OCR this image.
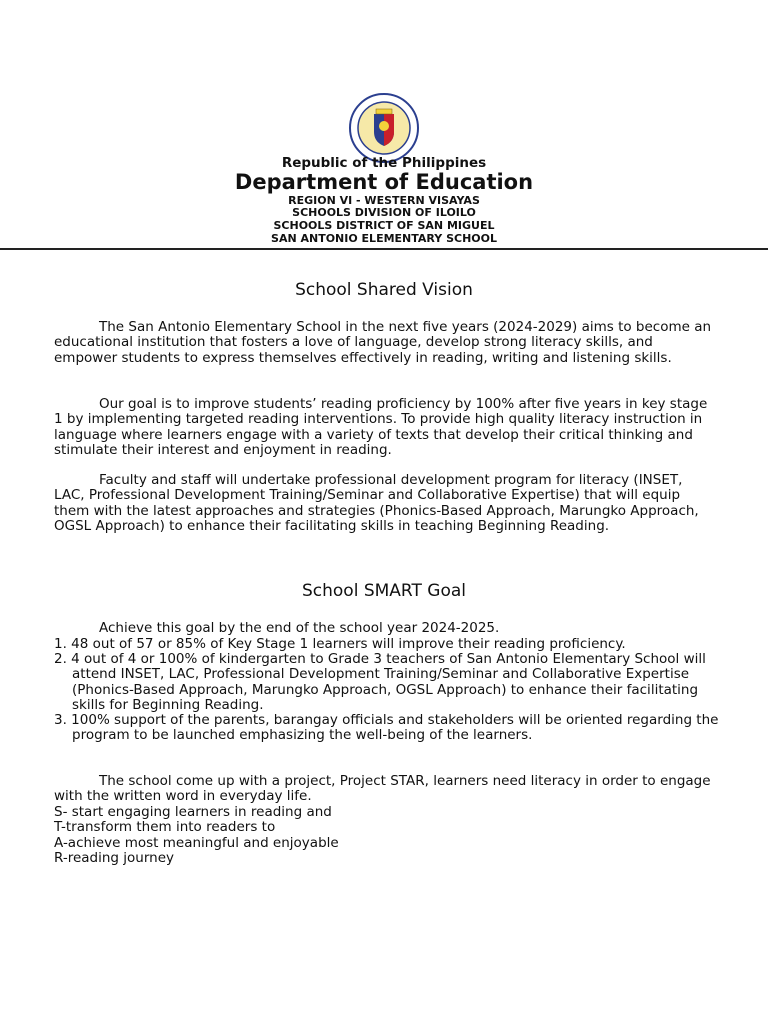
Republic of the Philippines
Department of Education
REGION VI - WESTERN VISAYAS
SCHOOLS DIVISION OF ILOILO
SCHOOLS DISTRICT OF SAN MIGUEL
SAN ANTONIO ELEMENTARY SCHOOL
School Shared Vision

The San Antonio Elementary School in the next five years (2024-2029) aims to become an educational institution that fosters a love of language, develop strong literacy skills, and empower students to express themselves effectively in reading, writing and listening skills.

Our goal is to improve students’ reading proficiency by 100% after five years in key stage 1 by implementing targeted reading interventions. To provide high quality literacy instruction in language where learners engage with a variety of texts that develop their critical thinking and stimulate their interest and enjoyment in reading.

Faculty and staff will undertake professional development program for literacy (INSET, LAC, Professional Development Training/Seminar and Collaborative Expertise) that will equip them with the latest approaches and strategies (Phonics-Based Approach, Marungko Approach, OGSL Approach) to enhance their facilitating skills in teaching Beginning Reading.

School SMART Goal

Achieve this goal by the end of the school year 2024-2025.

1. 48 out of 57 or 85% of Key Stage 1 learners will improve their reading proficiency.

2. 4 out of 4 or 100% of kindergarten to Grade 3 teachers of San Antonio Elementary School will attend INSET, LAC, Professional Development Training/Seminar and Collaborative Expertise (Phonics-Based Approach, Marungko Approach, OGSL Approach) to enhance their facilitating skills for Beginning Reading.

3. 100% support of the parents, barangay officials and stakeholders will be oriented regarding the program to be launched emphasizing the well-being of the learners.

The school come up with a project, Project STAR, learners need literacy in order to engage with the written word in everyday life.

S- start engaging learners in reading and

T-transform them into readers to

A-achieve most meaningful and enjoyable

R-reading journey
